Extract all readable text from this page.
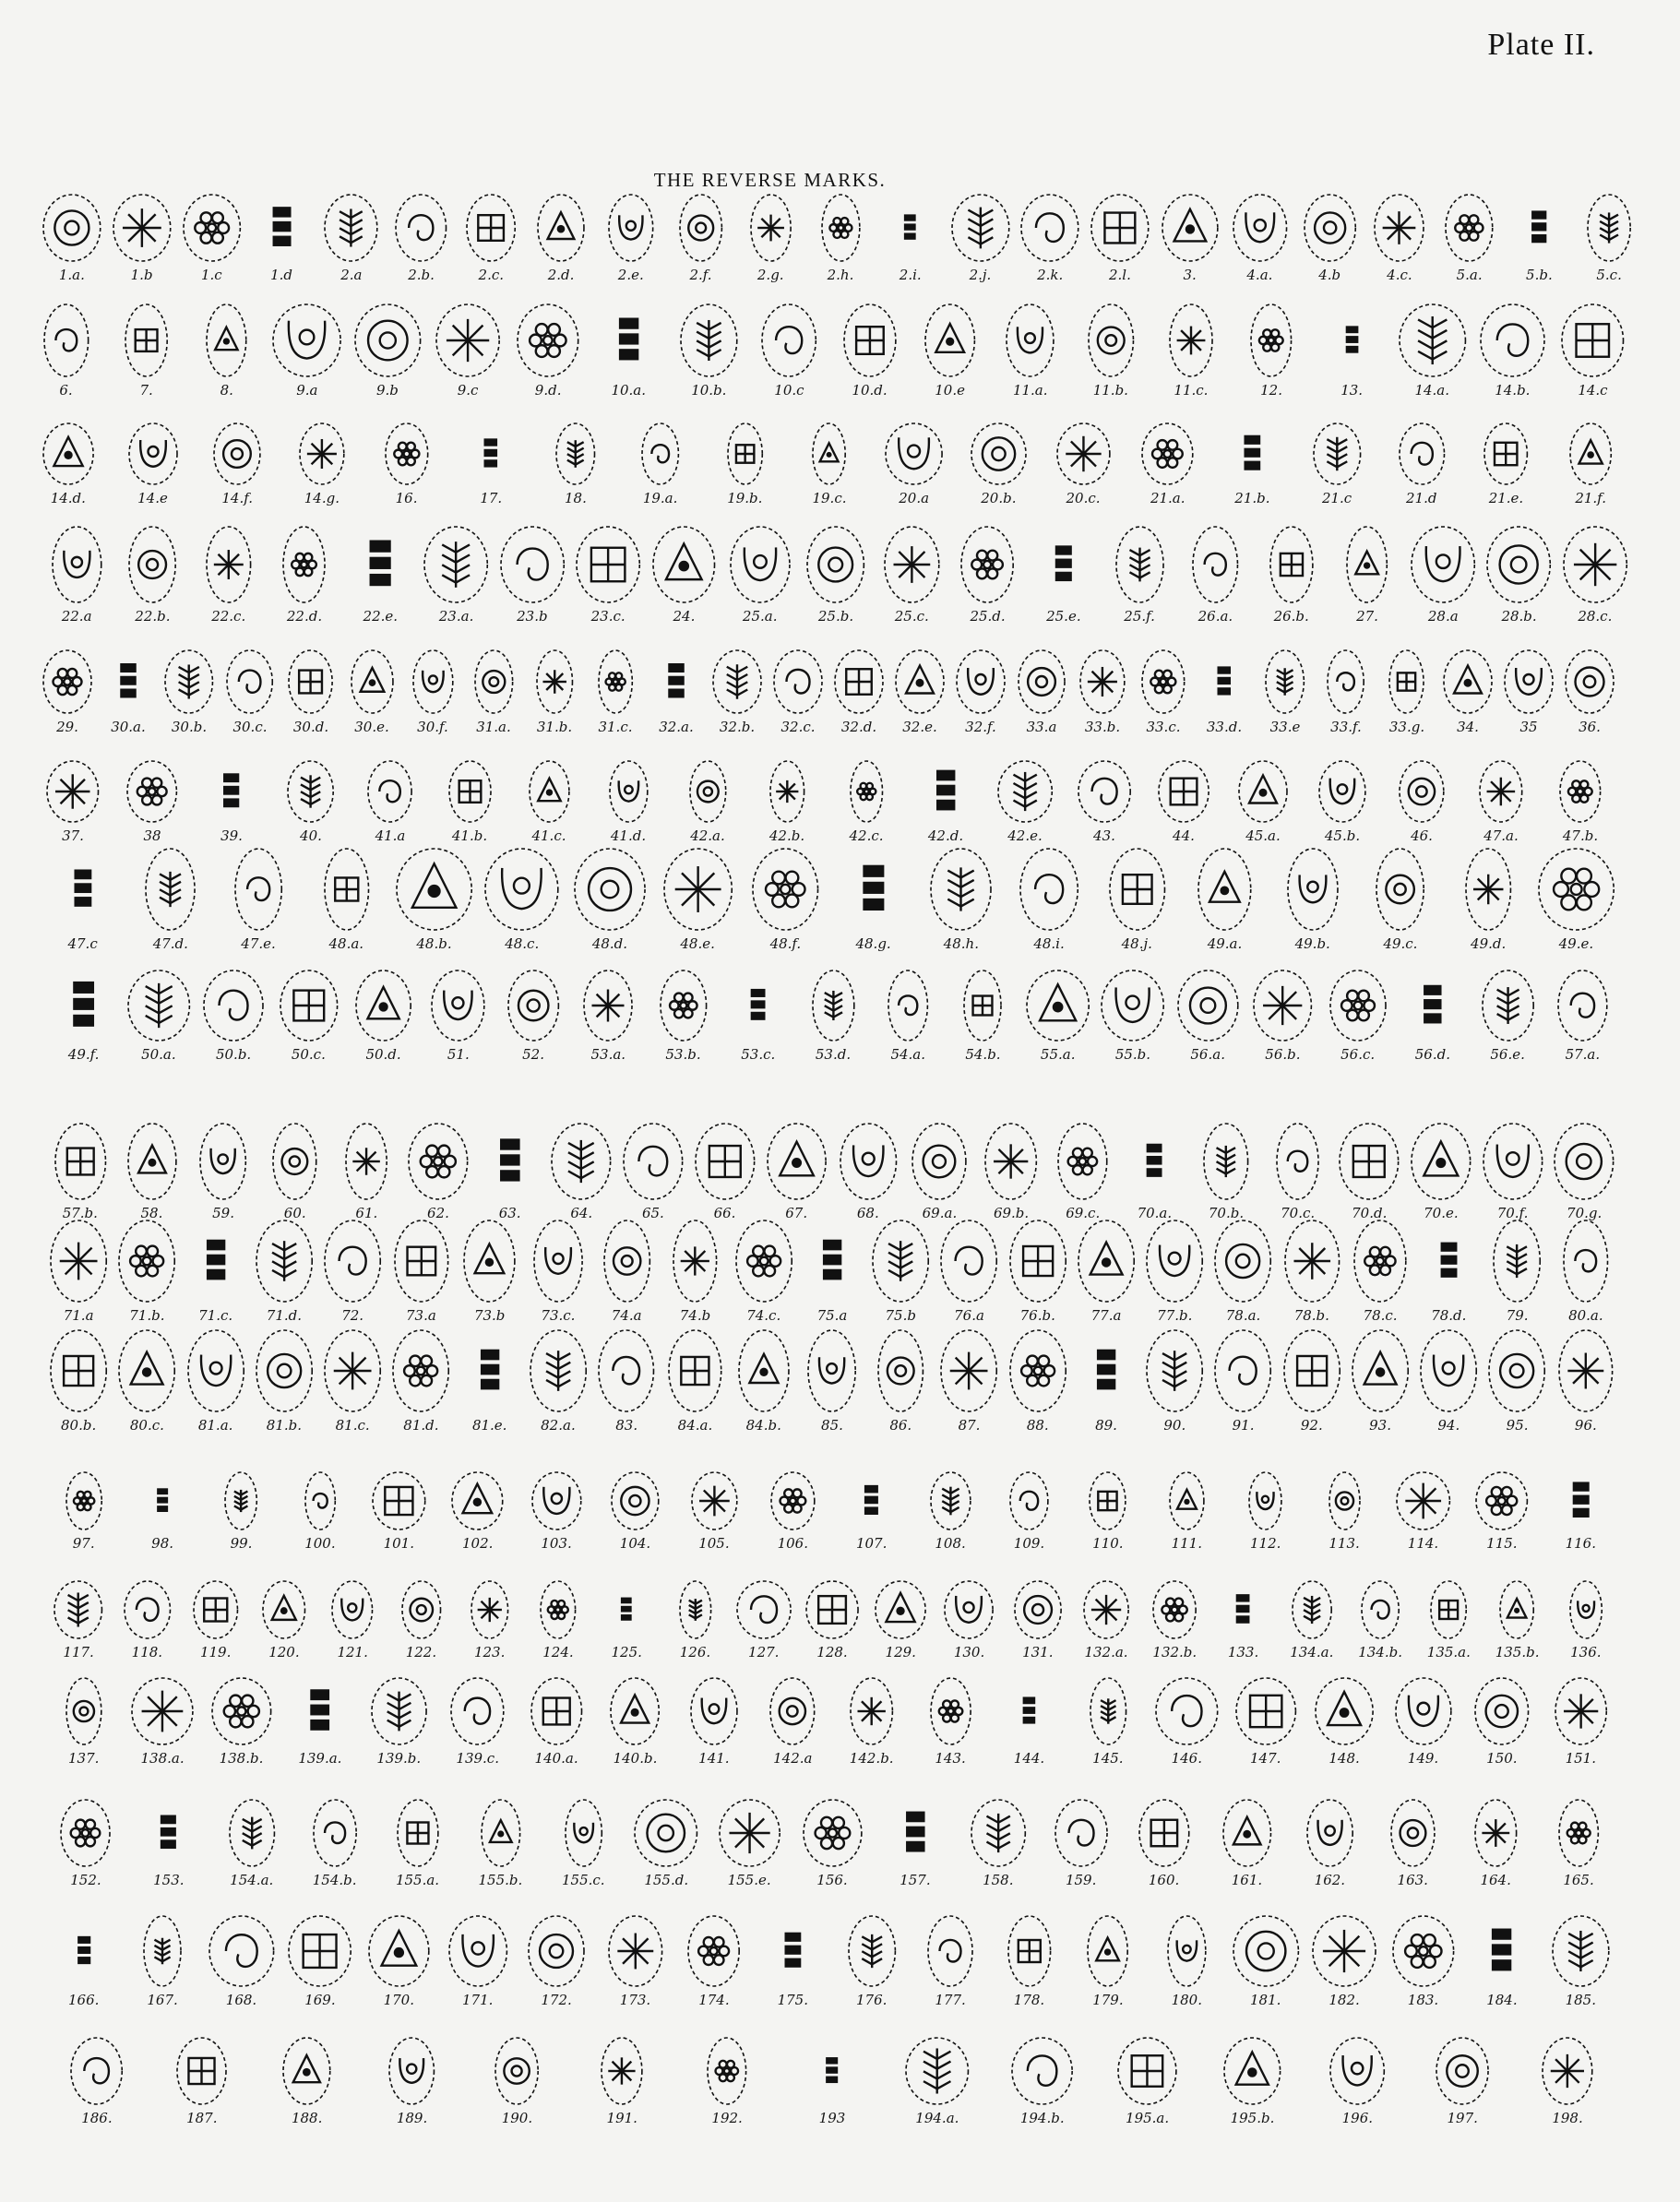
Plate II.
THE REVERSE MARKS.
1.a.	1.b	1.c	1.d	2.a	2.b.	2.c.	2.d.	2.e.	2.f.	2.g.	2.h.	2.i.	2.j.	2.k.	2.l.	3.	4.a.	4.b	4.c.	5.a.	5.b.	5.c.
6.	7.	8.	9.a	9.b	9.c	9.d.	10.a.	10.b.	10.c	10.d.	10.e	11.a.	11.b.	11.c.	12.	13.	14.a.	14.b.	14.c
14.d.	14.e	14.f.	14.g.	16.	17.	18.	19.a.	19.b.	19.c.	20.a	20.b.	20.c.	21.a.	21.b.	21.c	21.d	21.e.	21.f.
22.a	22.b.	22.c.	22.d.	22.e.	23.a.	23.b	23.c.	24.	25.a.	25.b.	25.c.	25.d.	25.e.	25.f.	26.a.	26.b.	27.	28.a	28.b.	28.c.
29.	30.a.	30.b.	30.c.	30.d.	30.e.	30.f.	31.a.	31.b.	31.c.	32.a.	32.b.	32.c.	32.d.	32.e.	32.f.	33.a	33.b.	33.c.	33.d.	33.e	33.f.	33.g.	34.	35	36.
37.	38	39.	40.	41.a	41.b.	41.c.	41.d.	42.a.	42.b.	42.c.	42.d.	42.e.	43.	44.	45.a.	45.b.	46.	47.a.	47.b.
47.c	47.d.	47.e.	48.a.	48.b.	48.c.	48.d.	48.e.	48.f.	48.g.	48.h.	48.i.	48.j.	49.a.	49.b.	49.c.	49.d.	49.e.
49.f.	50.a.	50.b.	50.c.	50.d.	51.	52.	53.a.	53.b.	53.c.	53.d.	54.a.	54.b.	55.a.	55.b.	56.a.	56.b.	56.c.	56.d.	56.e.	57.a.
57.b.	58.	59.	60.	61.	62.	63.	64.	65.	66.	67.	68.	69.a.	69.b.	69.c.	70.a.	70.b.	70.c.	70.d.	70.e.	70.f.	70.g.
71.a	71.b.	71.c.	71.d.	72.	73.a	73.b	73.c.	74.a	74.b	74.c.	75.a	75.b	76.a	76.b.	77.a	77.b.	78.a.	78.b.	78.c.	78.d.	79.	80.a.
80.b.	80.c.	81.a.	81.b.	81.c.	81.d.	81.e.	82.a.	83.	84.a.	84.b.	85.	86.	87.	88.	89.	90.	91.	92.	93.	94.	95.	96.
97.	98.	99.	100.	101.	102.	103.	104.	105.	106.	107.	108.	109.	110.	111.	112.	113.	114.	115.	116.
117.	118.	119.	120.	121.	122.	123.	124.	125.	126.	127.	128.	129.	130.	131.	132.a.	132.b.	133.	134.a.	134.b.	135.a.	135.b.	136.
137.	138.a.	138.b.	139.a.	139.b.	139.c.	140.a.	140.b.	141.	142.a	142.b.	143.	144.	145.	146.	147.	148.	149.	150.	151.
152.	153.	154.a.	154.b.	155.a.	155.b.	155.c.	155.d.	155.e.	156.	157.	158.	159.	160.	161.	162.	163.	164.	165.
166.	167.	168.	169.	170.	171.	172.	173.	174.	175.	176.	177.	178.	179.	180.	181.	182.	183.	184.	185.
186.	187.	188.	189.	190.	191.	192.	193	194.a.	194.b.	195.a.	195.b.	196.	197.	198.
